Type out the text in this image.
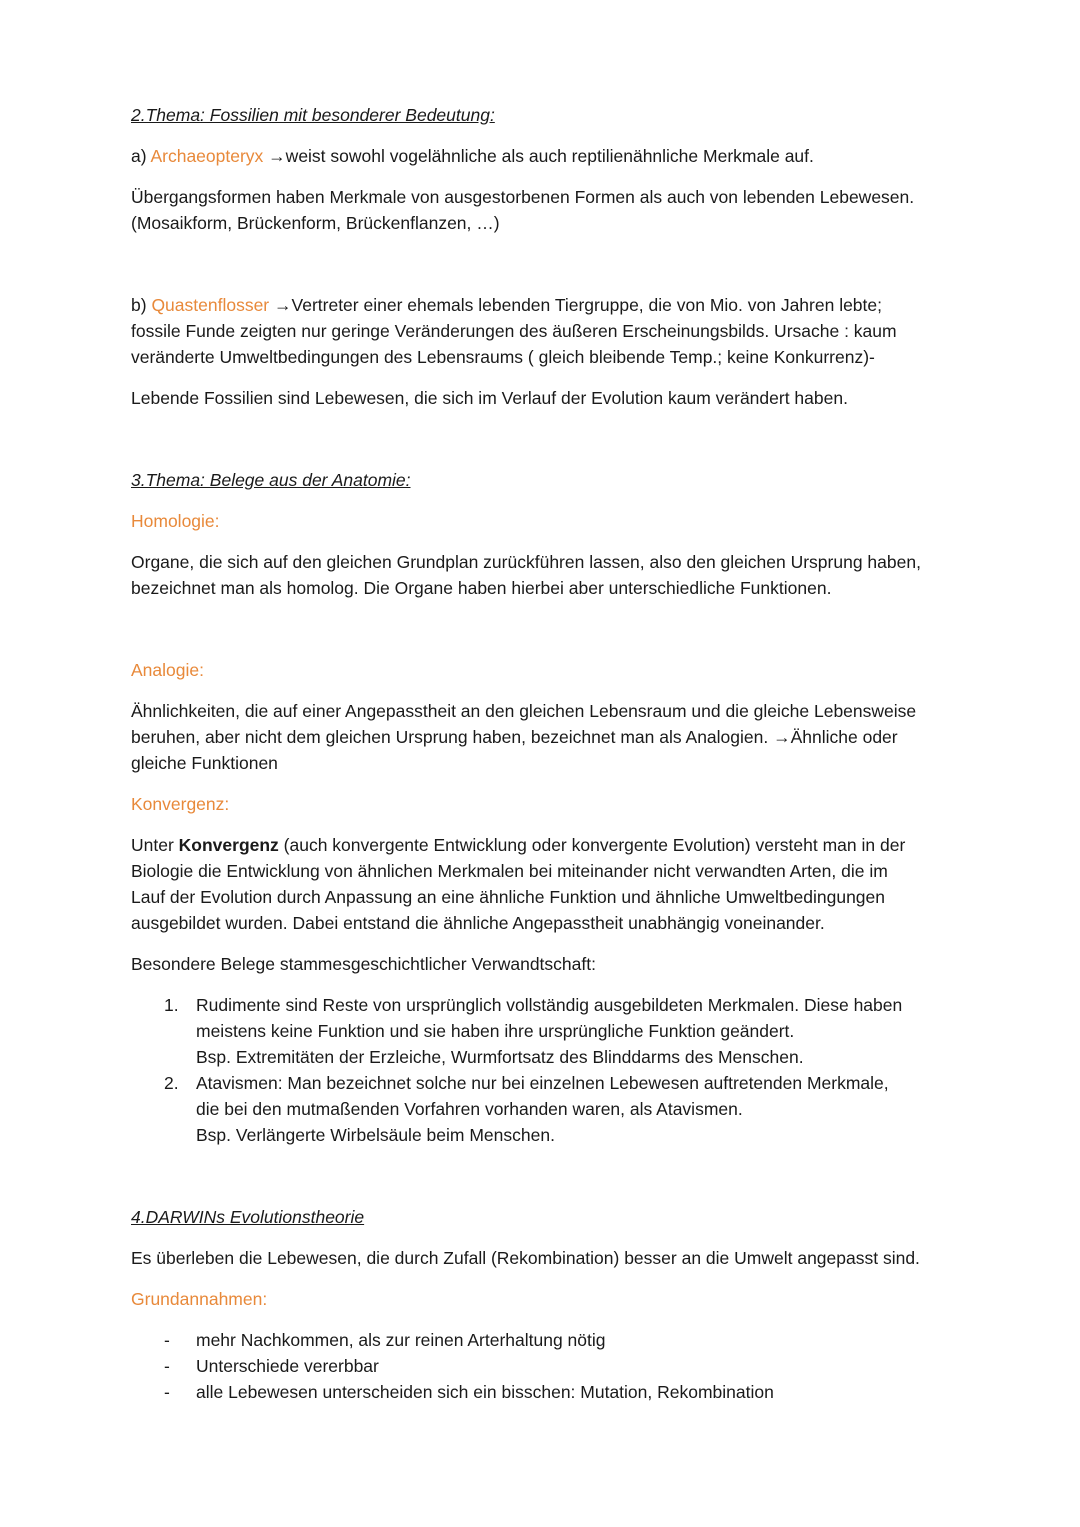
2.Thema: Fossilien mit besonderer Bedeutung:

a) Archaeopteryx →weist sowohl vogelähnliche als auch reptilienähnliche Merkmale auf.

Übergangsformen haben Merkmale von ausgestorbenen Formen als auch von lebenden Lebewesen.
(Mosaikform, Brückenform, Brückenflanzen, …)

b) Quastenflosser →Vertreter einer ehemals lebenden Tiergruppe, die von Mio. von Jahren lebte;
fossile Funde zeigten nur geringe Veränderungen des äußeren Erscheinungsbilds. Ursache : kaum
veränderte Umweltbedingungen des Lebensraums ( gleich bleibende Temp.; keine Konkurrenz)-

Lebende Fossilien sind Lebewesen, die sich im Verlauf der Evolution kaum verändert haben.

3.Thema: Belege aus der Anatomie:

Homologie:

Organe, die sich auf den gleichen Grundplan zurückführen lassen, also den gleichen Ursprung haben,
bezeichnet man als homolog. Die Organe haben hierbei aber unterschiedliche Funktionen.

Analogie:

Ähnlichkeiten, die auf einer Angepasstheit an den gleichen Lebensraum und die gleiche Lebensweise
beruhen, aber nicht dem gleichen Ursprung haben, bezeichnet man als Analogien. →Ähnliche oder
gleiche Funktionen

Konvergenz:

Unter Konvergenz (auch konvergente Entwicklung oder konvergente Evolution) versteht man in der
Biologie die Entwicklung von ähnlichen Merkmalen bei miteinander nicht verwandten Arten, die im
Lauf der Evolution durch Anpassung an eine ähnliche Funktion und ähnliche Umweltbedingungen
ausgebildet wurden. Dabei entstand die ähnliche Angepasstheit unabhängig voneinander.

Besondere Belege stammesgeschichtlicher Verwandtschaft:

1. Rudimente sind Reste von ursprünglich vollständig ausgebildeten Merkmalen. Diese haben
meistens keine Funktion und sie haben ihre ursprüngliche Funktion geändert.
Bsp. Extremitäten der Erzleiche, Wurmfortsatz des Blinddarms des Menschen.
2. Atavismen: Man bezeichnet solche nur bei einzelnen Lebewesen auftretenden Merkmale,
die bei den mutmaßenden Vorfahren vorhanden waren, als Atavismen.
Bsp. Verlängerte Wirbelsäule beim Menschen.

4.DARWINs Evolutionstheorie

Es überleben die Lebewesen, die durch Zufall (Rekombination) besser an die Umwelt angepasst sind.

Grundannahmen:

- mehr Nachkommen, als zur reinen Arterhaltung nötig
- Unterschiede vererbbar
- alle Lebewesen unterscheiden sich ein bisschen: Mutation, Rekombination
